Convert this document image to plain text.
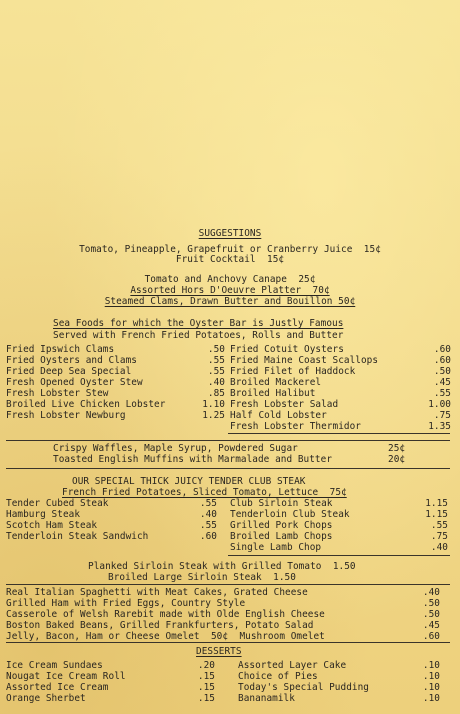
SUGGESTIONS
Tomato, Pineapple, Grapefruit or Cranberry Juice  15¢
Fruit Cocktail  15¢
Tomato and Anchovy Canape  25¢
Assorted Hors D'Oeuvre Platter  70¢
Steamed Clams, Drawn Butter and Bouillon 50¢
Sea Foods for which the Oyster Bar is Justly Famous
Served with French Fried Potatoes, Rolls and Butter
Fried Ipswich Clams	.50
Fried Oysters and Clams	.55
Fried Deep Sea Special	.55
Fresh Opened Oyster Stew	.40
Fresh Lobster Stew	.85
Broiled Live Chicken Lobster	1.10
Fresh Lobster Newburg	1.25
Fried Cotuit Oysters	.60
Fried Maine Coast Scallops	.60
Fried Filet of Haddock	.50
Broiled Mackerel	.45
Broiled Halibut	.55
Fresh Lobster Salad	1.00
Half Cold Lobster	.75
Fresh Lobster Thermidor	1.35
Crispy Waffles, Maple Syrup, Powdered Sugar	25¢
Toasted English Muffins with Marmalade and Butter	20¢
OUR SPECIAL THICK JUICY TENDER CLUB STEAK
French Fried Potatoes, Sliced Tomato, Lettuce  75¢
Tender Cubed Steak	.55
Hamburg Steak	.40
Scotch Ham Steak	.55
Tenderloin Steak Sandwich	.60
Club Sirloin Steak	1.15
Tenderloin Club Steak	1.15
Grilled Pork Chops	.55
Broiled Lamb Chops	.75
Single Lamb Chop	.40
Planked Sirloin Steak with Grilled Tomato  1.50
Broiled Large Sirloin Steak  1.50
Real Italian Spaghetti with Meat Cakes, Grated Cheese	.40
Grilled Ham with Fried Eggs, Country Style	.50
Casserole of Welsh Rarebit made with Olde English Cheese	.50
Boston Baked Beans, Grilled Frankfurters, Potato Salad	.45
Jelly, Bacon, Ham or Cheese Omelet  50¢  Mushroom Omelet	.60
DESSERTS
Ice Cream Sundaes	.20
Nougat Ice Cream Roll	.15
Assorted Ice Cream	.15
Orange Sherbet	.15
Assorted Layer Cake	.10
Choice of Pies	.10
Today's Special Pudding	.10
Bananamilk	.10
